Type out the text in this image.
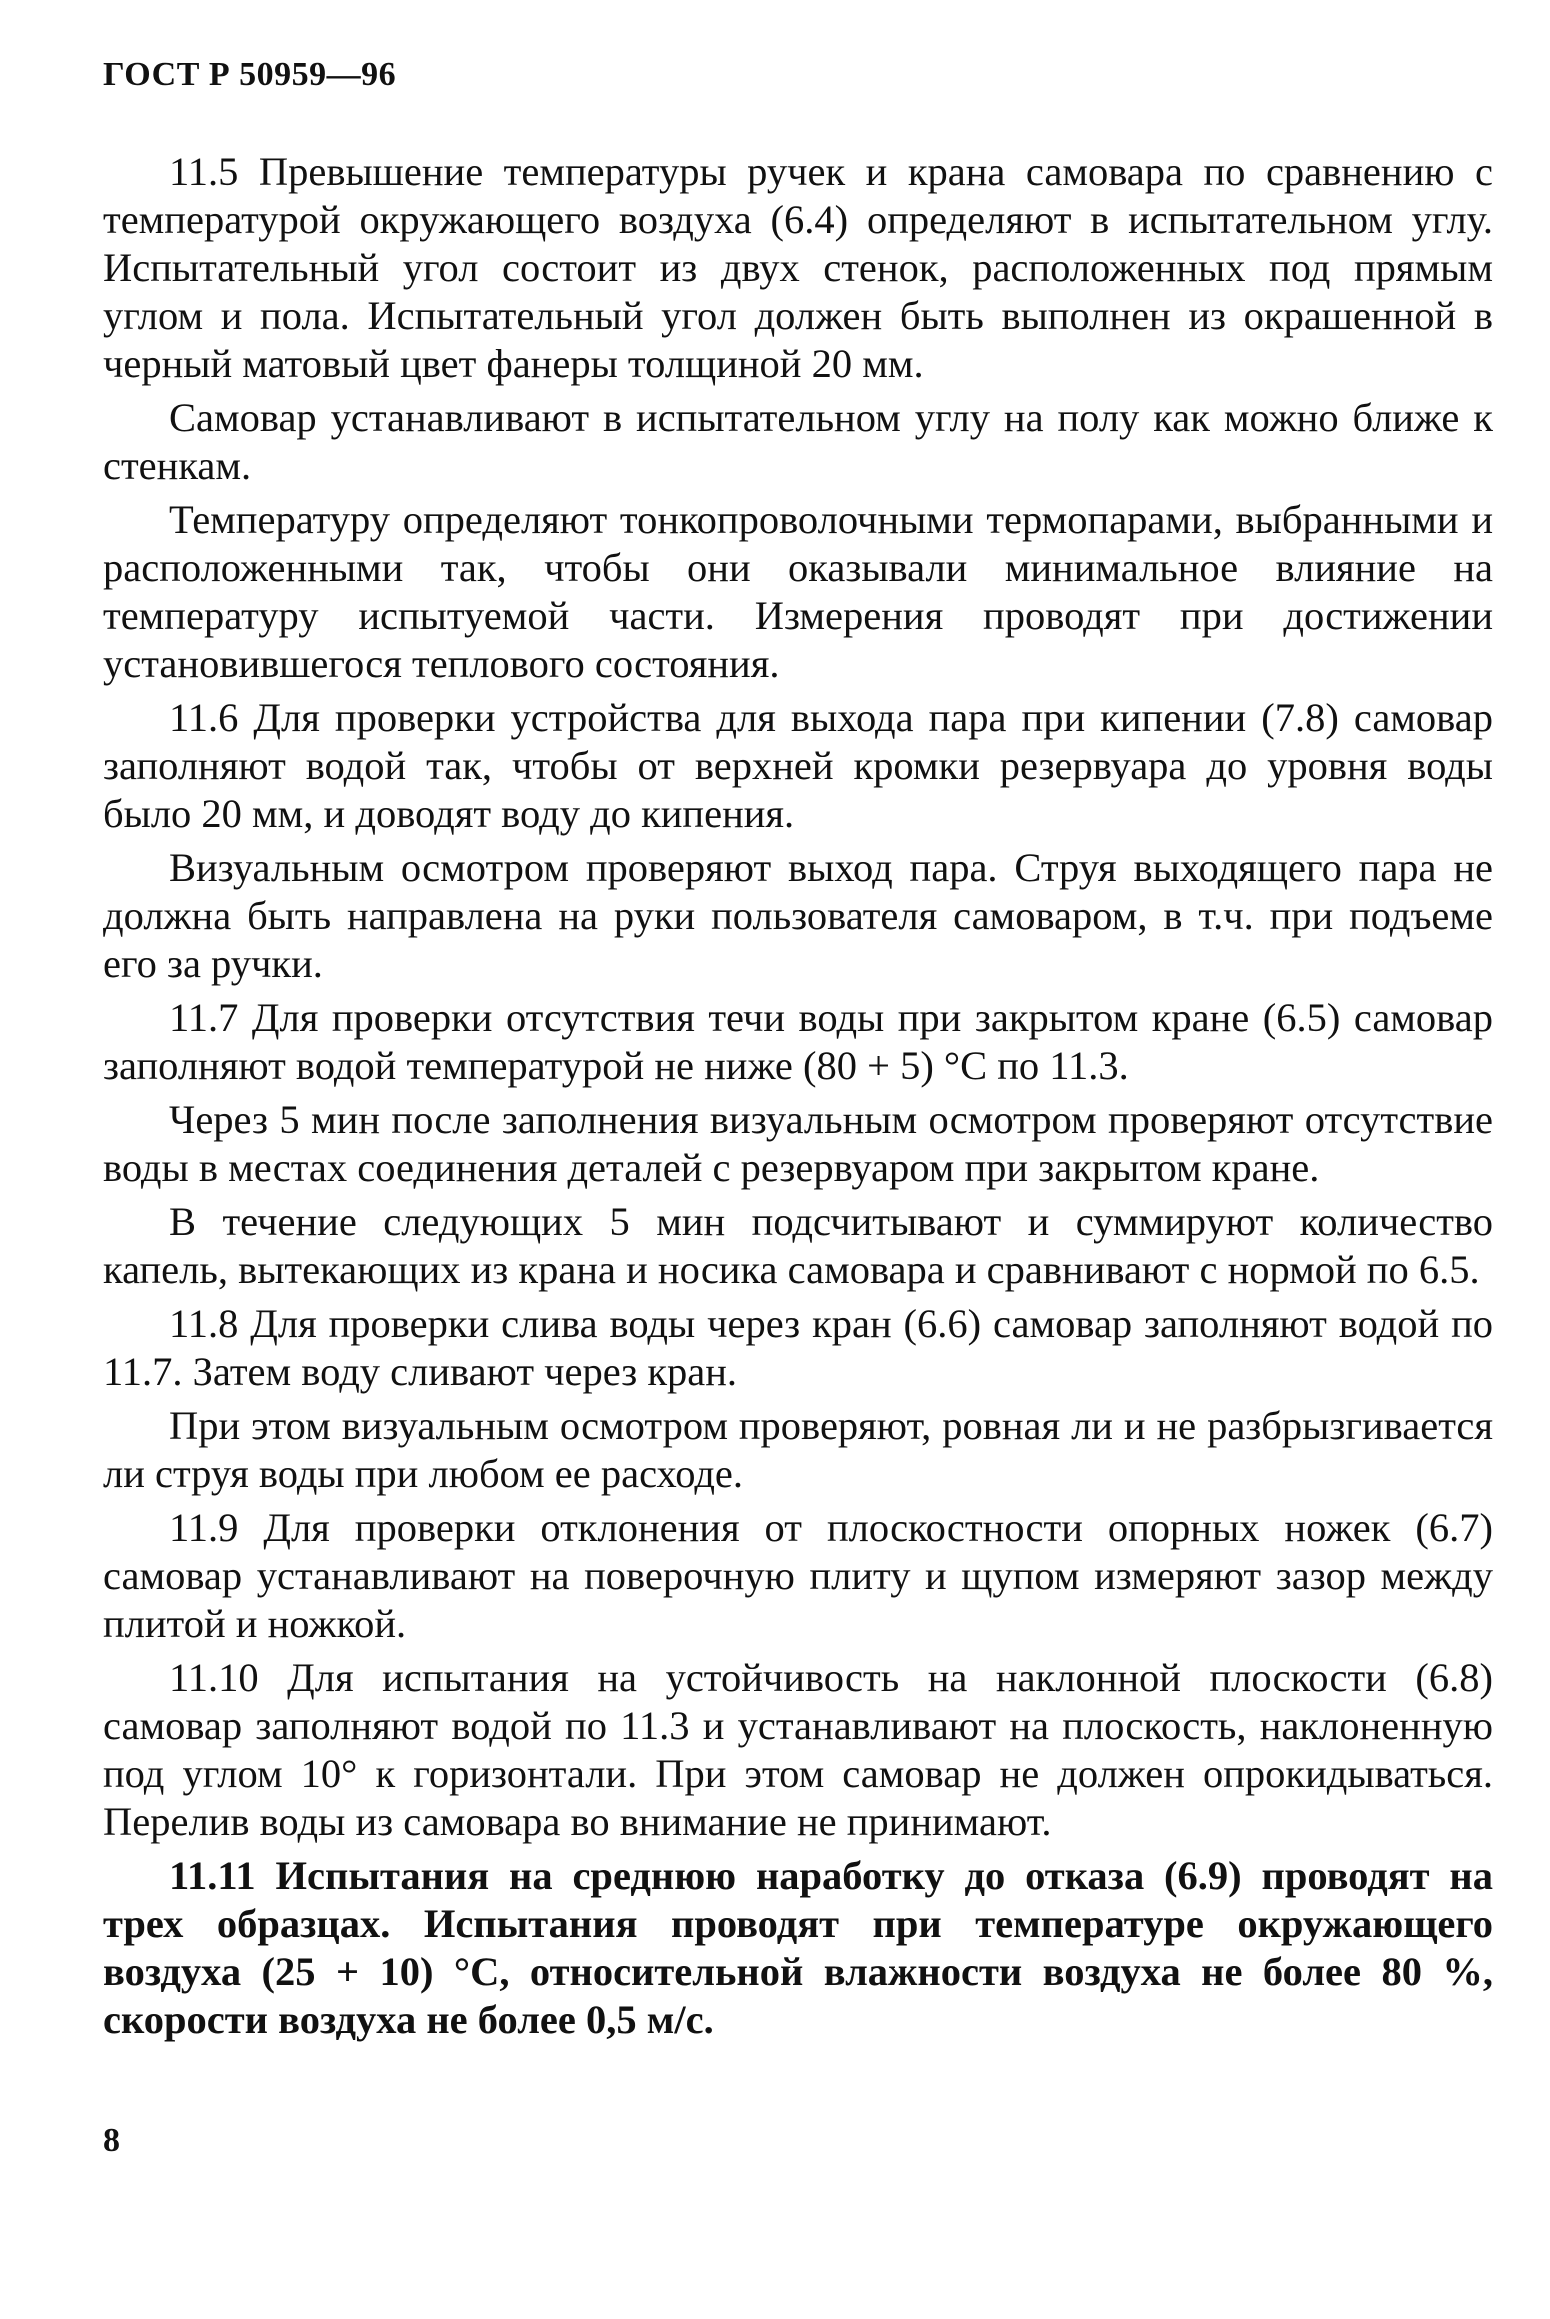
ГОСТ Р 50959—96

11.5 Превышение температуры ручек и крана самовара по сравнению с температурой окружающего воздуха (6.4) определяют в испытательном углу. Испытательный угол состоит из двух стенок, расположенных под прямым углом и пола. Испытательный угол должен быть выполнен из окрашенной в черный матовый цвет фанеры толщиной 20 мм.

Самовар устанавливают в испытательном углу на полу как можно ближе к стенкам.

Температуру определяют тонкопроволочными термопарами, выбранными и расположенными так, чтобы они оказывали минимальное влияние на температуру испытуемой части. Измерения проводят при достижении установившегося теплового состояния.

11.6 Для проверки устройства для выхода пара при кипении (7.8) самовар заполняют водой так, чтобы от верхней кромки резервуара до уровня воды было 20 мм, и доводят воду до кипения.

Визуальным осмотром проверяют выход пара. Струя выходящего пара не должна быть направлена на руки пользователя самоваром, в т.ч. при подъеме его за ручки.

11.7 Для проверки отсутствия течи воды при закрытом кране (6.5) самовар заполняют водой температурой не ниже (80 + 5) °С по 11.3.

Через 5 мин после заполнения визуальным осмотром проверяют отсутствие воды в местах соединения деталей с резервуаром при закрытом кране.

В течение следующих 5 мин подсчитывают и суммируют количество капель, вытекающих из крана и носика самовара и сравнивают с нормой по 6.5.

11.8 Для проверки слива воды через кран (6.6) самовар заполняют водой по 11.7. Затем воду сливают через кран.

При этом визуальным осмотром проверяют, ровная ли и не разбрызгивается ли струя воды при любом ее расходе.

11.9 Для проверки отклонения от плоскостности опорных ножек (6.7) самовар устанавливают на поверочную плиту и щупом измеряют зазор между плитой и ножкой.

11.10 Для испытания на устойчивость на наклонной плоскости (6.8) самовар заполняют водой по 11.3 и устанавливают на плоскость, наклоненную под углом 10° к горизонтали. При этом самовар не должен опрокидываться. Перелив воды из самовара во внимание не принимают.

11.11 Испытания на среднюю наработку до отказа (6.9) проводят на трех образцах. Испытания проводят при температуре окружающего воздуха (25 + 10) °С, относительной влажности воздуха не более 80 %, скорости воздуха не более 0,5 м/с.

8
